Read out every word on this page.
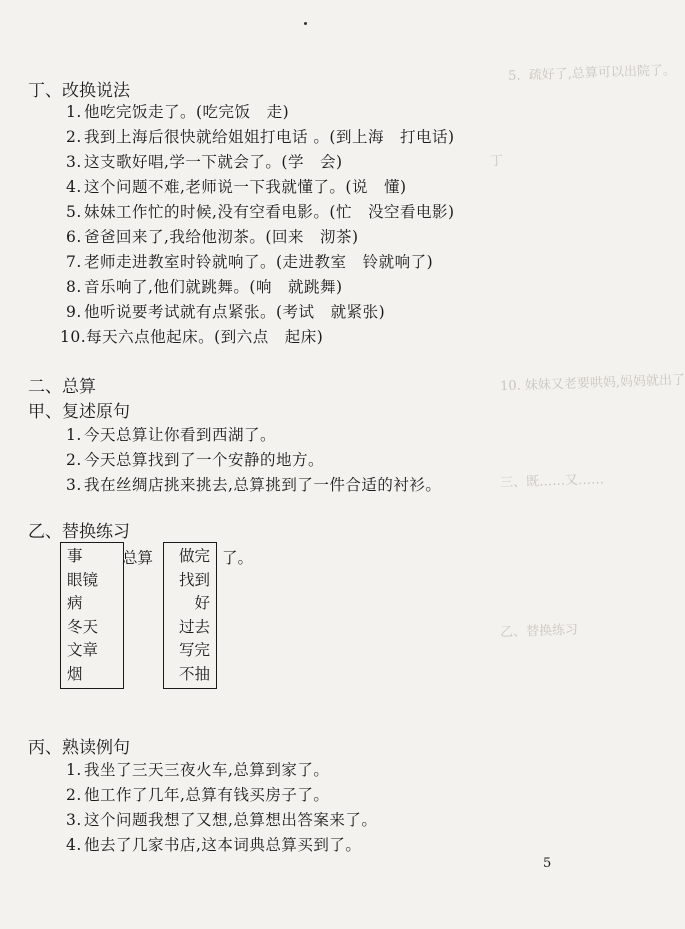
5.  疏好了,总算可以出院了。
丁
10. 妹妹又老要哄妈,妈妈就出了
三、既……又……
乙、替换练习
丁、改换说法
1. 他吃完饭走了。(吃完饭 走)
2. 我到上海后很快就给姐姐打电话 。(到上海 打电话)
3. 这支歌好唱,学一下就会了。(学 会)
4. 这个问题不难,老师说一下我就懂了。(说 懂)
5. 妹妹工作忙的时候,没有空看电影。(忙 没空看电影)
6. 爸爸回来了,我给他沏茶。(回来 沏茶)
7. 老师走进教室时铃就响了。(走进教室 铃就响了)
8. 音乐响了,他们就跳舞。(响 就跳舞)
9. 他听说要考试就有点紧张。(考试 就紧张)
10.每天六点他起床。(到六点 起床)
二、总算
甲、复述原句
1. 今天总算让你看到西湖了。
2. 今天总算找到了一个安静的地方。
3. 我在丝绸店挑来挑去,总算挑到了一件合适的衬衫。
乙、替换练习
事
眼镜
病
冬天
文章
烟
总算	做完
找到
好
过去
写完
不抽
了。
丙、熟读例句
1. 我坐了三天三夜火车,总算到家了。
2. 他工作了几年,总算有钱买房子了。
3. 这个问题我想了又想,总算想出答案来了。
4. 他去了几家书店,这本词典总算买到了。
5
